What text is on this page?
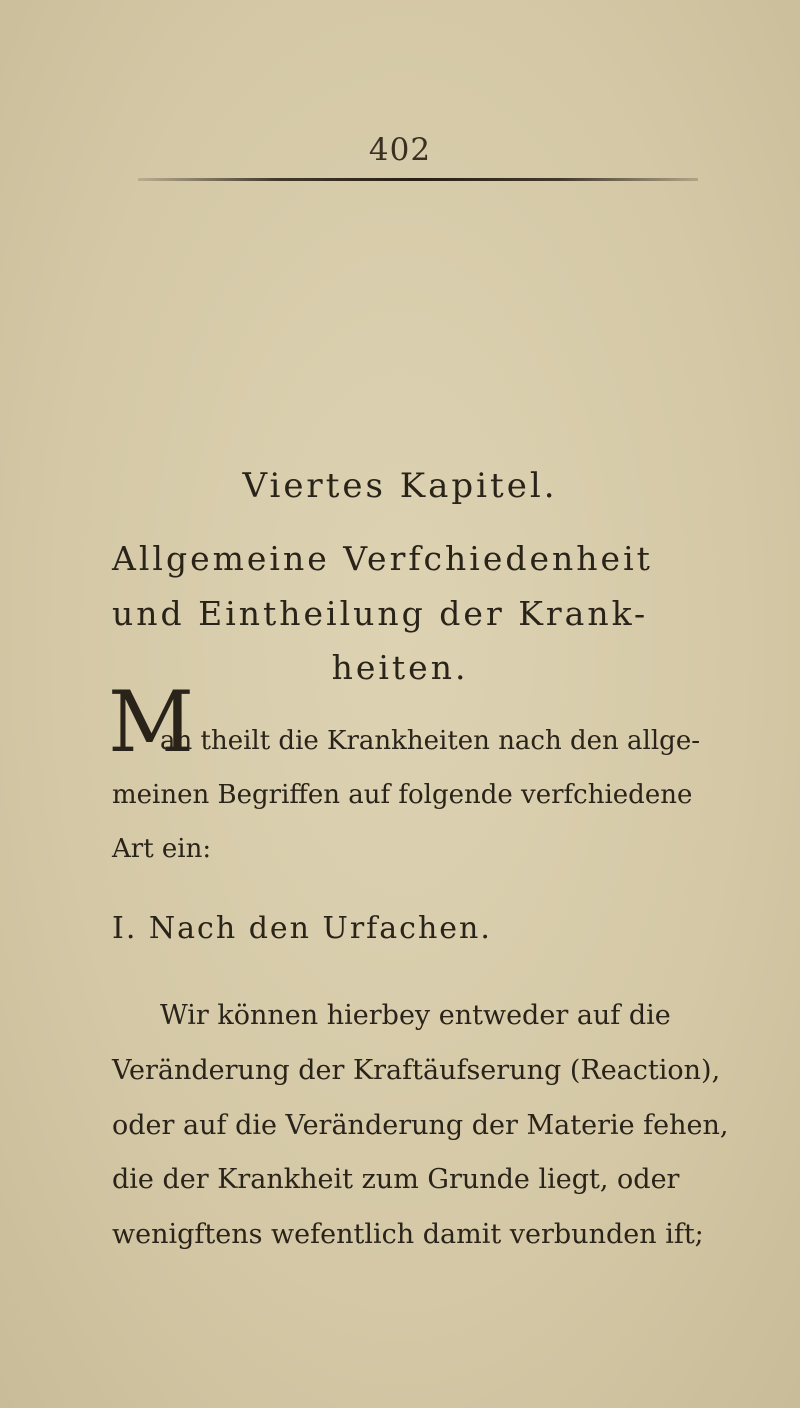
402
Viertes Kapitel.
Allgemeine Verfchiedenheit
und Eintheilung der Krank-
heiten.
M
an theilt die Krankheiten nach den allge-
meinen Begriffen auf folgende verfchiedene
Art ein:
I. Nach den Urfachen.
Wir können hierbey entweder auf die
Veränderung der Kraftäufserung (Reaction),
oder auf die Veränderung der Materie fehen,
die der Krankheit zum Grunde liegt, oder
wenigftens wefentlich damit verbunden ift;
